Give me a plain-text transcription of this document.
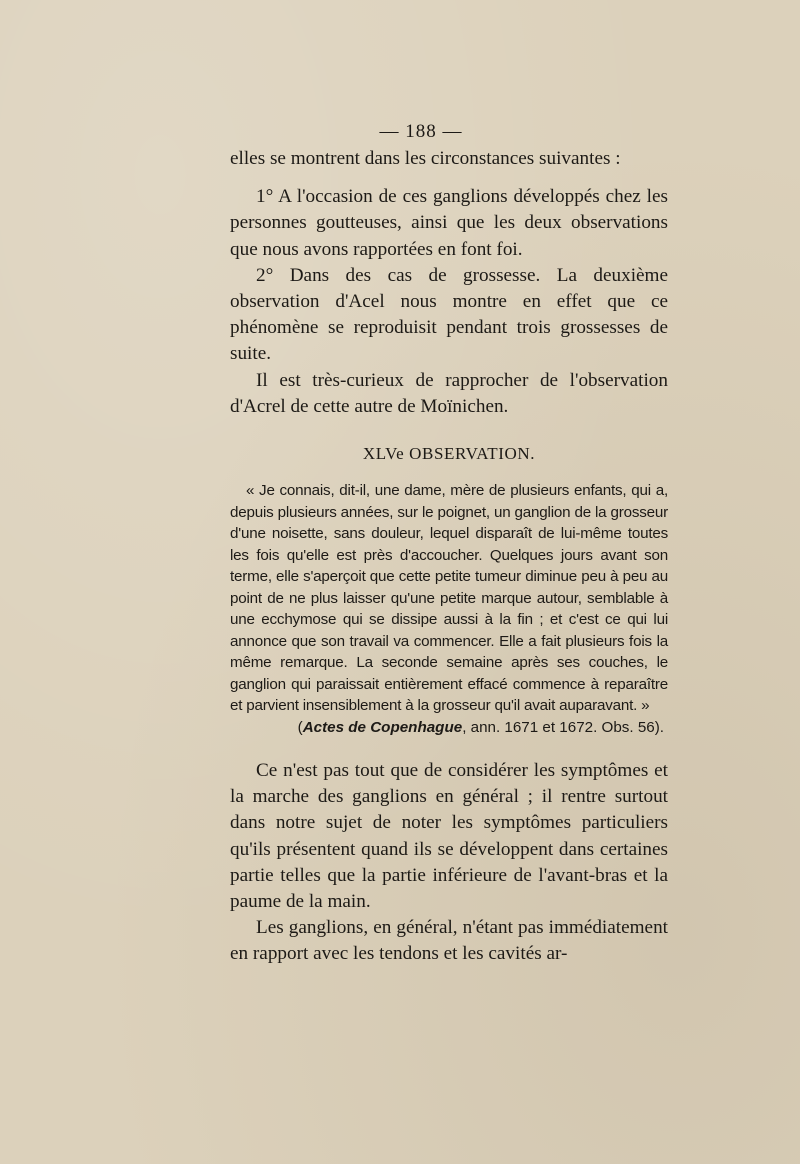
— 188 —

elles se montrent dans les circonstances suivantes :

1° A l'occasion de ces ganglions développés chez les personnes goutteuses, ainsi que les deux observations que nous avons rapportées en font foi.

2° Dans des cas de grossesse. La deuxième observation d'Acel nous montre en effet que ce phénomène se reproduisit pendant trois grossesses de suite.

Il est très-curieux de rapprocher de l'observation d'Acrel de cette autre de Moïnichen.

XLVe OBSERVATION.

« Je connais, dit-il, une dame, mère de plusieurs enfants, qui a, depuis plusieurs années, sur le poignet, un ganglion de la grosseur d'une noisette, sans douleur, lequel disparaît de lui-même toutes les fois qu'elle est près d'accoucher. Quelques jours avant son terme, elle s'aperçoit que cette petite tumeur diminue peu à peu au point de ne plus laisser qu'une petite marque autour, semblable à une ecchymose qui se dissipe aussi à la fin ; et c'est ce qui lui annonce que son travail va commencer. Elle a fait plusieurs fois la même remarque. La seconde semaine après ses couches, le ganglion qui paraissait entièrement effacé commence à reparaître et parvient insensiblement à la grosseur qu'il avait auparavant. »

(Actes de Copenhague, ann. 1671 et 1672. Obs. 56).

Ce n'est pas tout que de considérer les symptômes et la marche des ganglions en général ; il rentre surtout dans notre sujet de noter les symptômes particuliers qu'ils présentent quand ils se développent dans certaines partie telles que la partie inférieure de l'avant-bras et la paume de la main.

Les ganglions, en général, n'étant pas immédiatement en rapport avec les tendons et les cavités ar-
